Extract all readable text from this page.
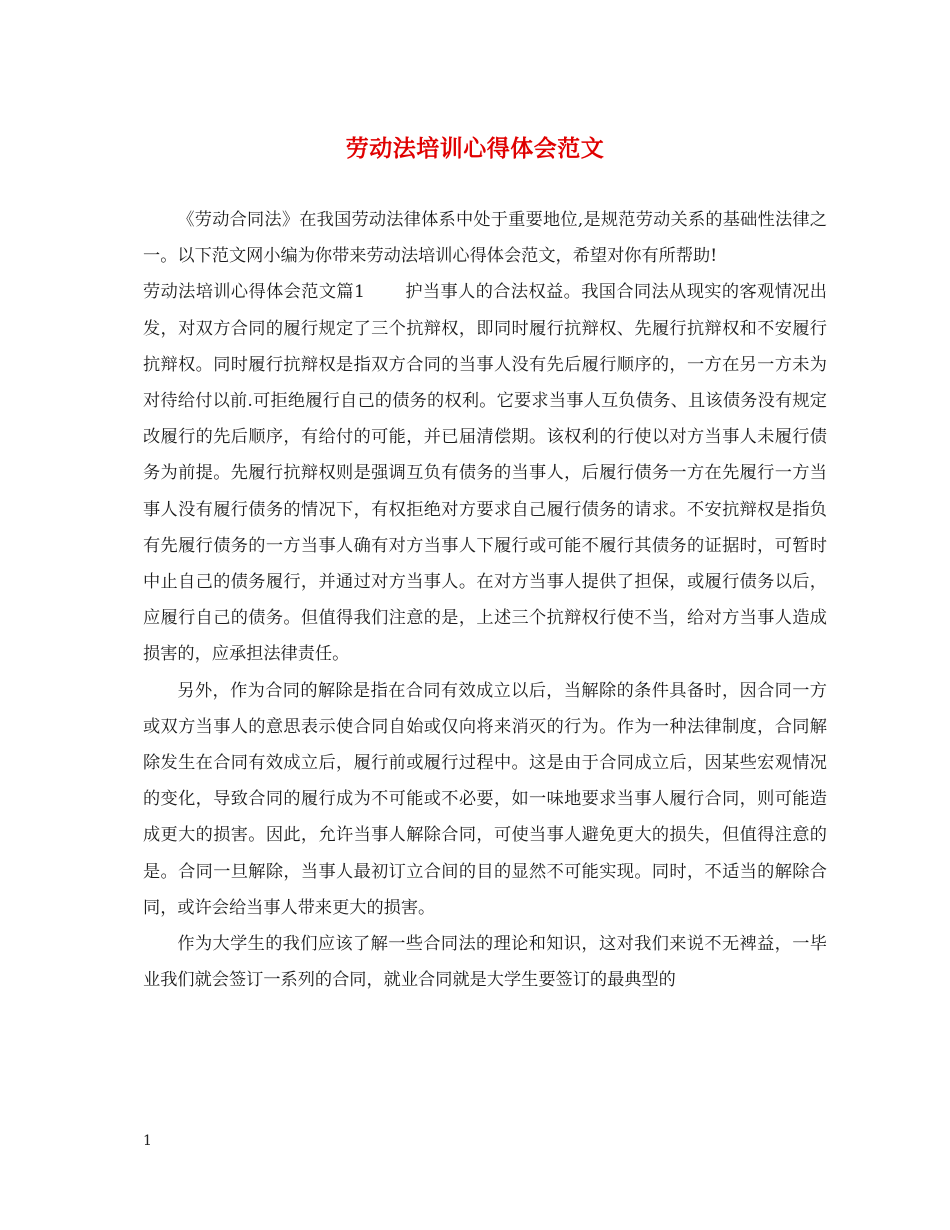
劳动法培训心得体会范文

《劳动合同法》在我国劳动法律体系中处于重要地位,是规范劳动关系的基础性法律之一。以下范文网小编为你带来劳动法培训心得体会范文，希望对你有所帮助!

劳动法培训心得体会范文篇1 护当事人的合法权益。我国合同法从现实的客观情况出发，对双方合同的履行规定了三个抗辩权，即同时履行抗辩权、先履行抗辩权和不安履行抗辩权。同时履行抗辩权是指双方合同的当事人没有先后履行顺序的，一方在另一方未为对待给付以前.可拒绝履行自己的债务的权利。它要求当事人互负债务、且该债务没有规定改履行的先后顺序，有给付的可能，并已届清偿期。该权利的行使以对方当事人未履行债务为前提。先履行抗辩权则是强调互负有债务的当事人，后履行债务一方在先履行一方当事人没有履行债务的情况下，有权拒绝对方要求自己履行债务的请求。不安抗辩权是指负有先履行债务的一方当事人确有对方当事人下履行或可能不履行其债务的证据时，可暂时中止自己的债务履行，并通过对方当事人。在对方当事人提供了担保，或履行债务以后，应履行自己的债务。但值得我们注意的是，上述三个抗辩权行使不当，给对方当事人造成损害的，应承担法律责任。

另外，作为合同的解除是指在合同有效成立以后，当解除的条件具备时，因合同一方或双方当事人的意思表示使合同自始或仅向将来消灭的行为。作为一种法律制度，合同解除发生在合同有效成立后，履行前或履行过程中。这是由于合同成立后，因某些宏观情况的变化，导致合同的履行成为不可能或不必要，如一味地要求当事人履行合同，则可能造成更大的损害。因此，允许当事人解除合同，可使当事人避免更大的损失，但值得注意的是。合同一旦解除，当事人最初订立合间的目的显然不可能实现。同时，不适当的解除合同，或许会给当事人带来更大的损害。

作为大学生的我们应该了解一些合同法的理论和知识，这对我们来说不无裨益，一毕业我们就会签订一系列的合同，就业合同就是大学生要签订的最典型的

1
